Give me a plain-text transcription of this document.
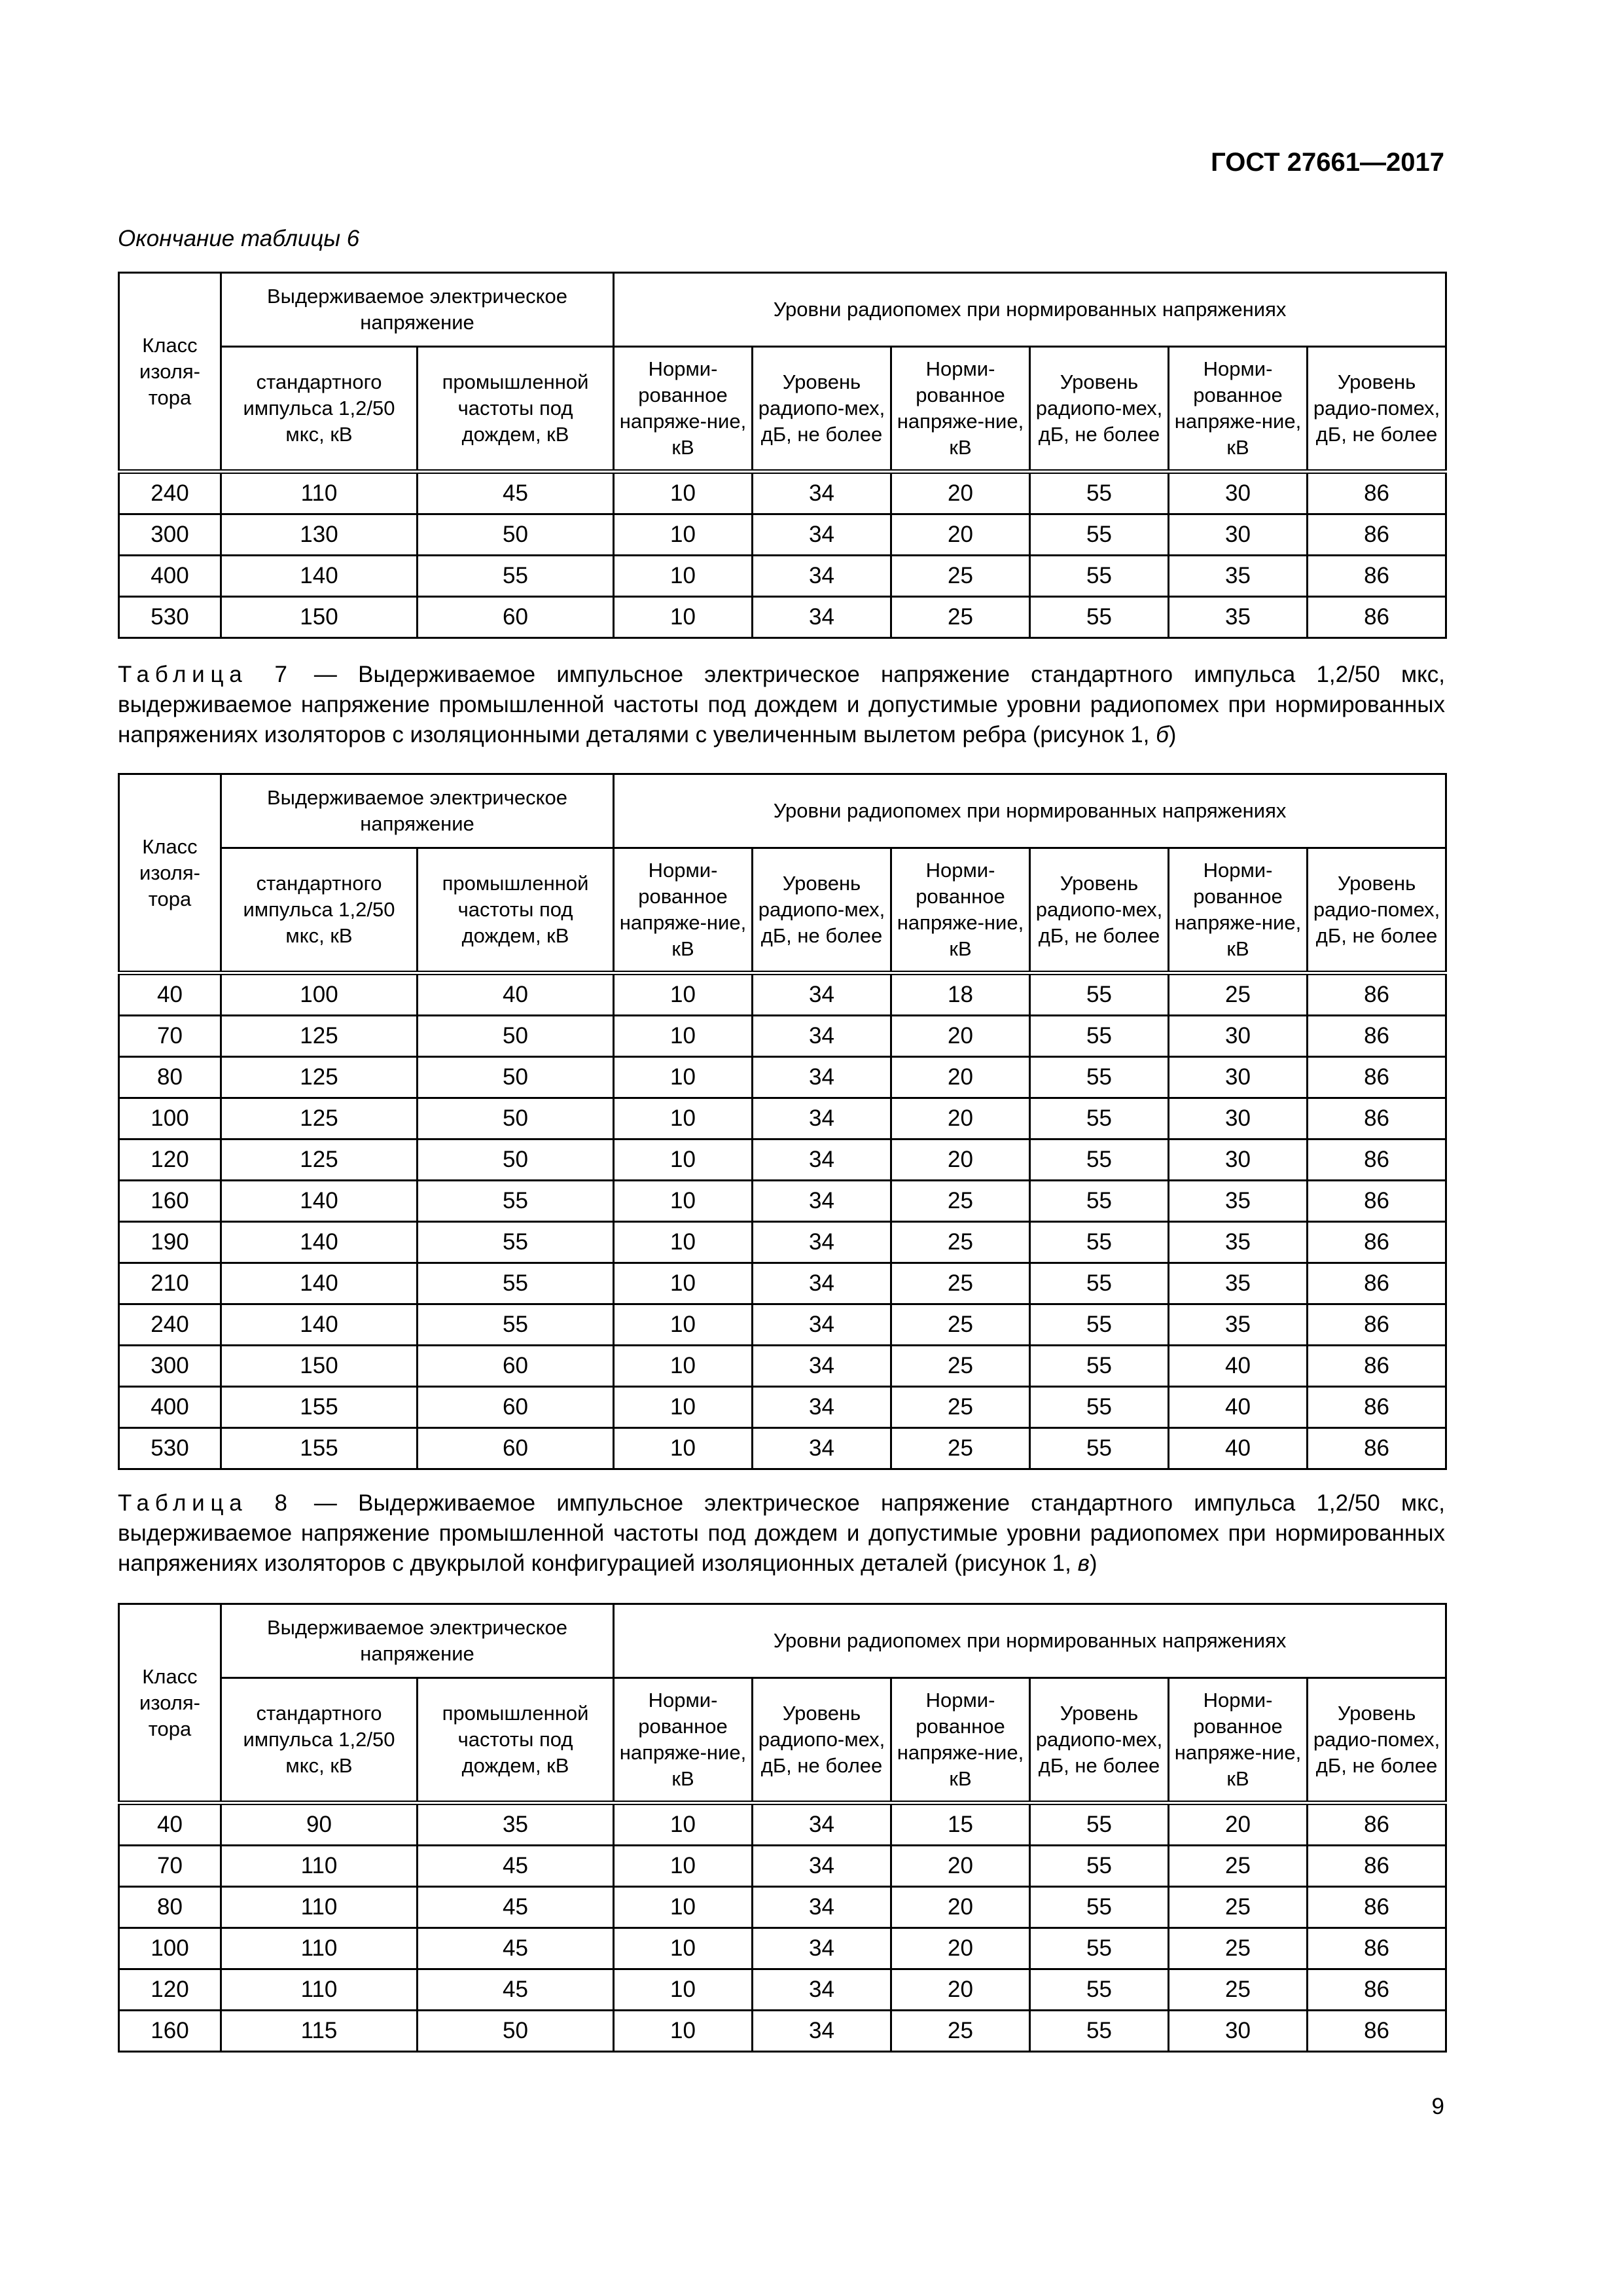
ГОСТ 27661—2017
Окончание таблицы 6
Класс изоля-тора	Выдерживаемое электрическое напряжение		Уровни радиопомех при нормированных напряжениях					
	стандартного импульса 1,2/50 мкс, кВ	промышленной частоты под дождем, кВ	Норми-рованное напряже-ние, кВ	Уровень радиопо-мех, дБ, не более	Норми-рованное напряже-ние, кВ	Уровень радиопо-мех, дБ, не более	Норми-рованное напряже-ние, кВ	Уровень радио-помех, дБ, не более
240	110	45	10	34	20	55	30	86
300	130	50	10	34	20	55	30	86
400	140	55	10	34	25	55	35	86
530	150	60	10	34	25	55	35	86
Таблица 7 — Выдерживаемое импульсное электрическое напряжение стандартного импульса 1,2/50 мкс, выдерживаемое напряжение промышленной частоты под дождем и допустимые уровни радиопомех при нормированных напряжениях изоляторов с изоляционными деталями с увеличенным вылетом ребра (рисунок 1, б)
Класс изоля-тора	Выдерживаемое электрическое напряжение		Уровни радиопомех при нормированных напряжениях					
	стандартного импульса 1,2/50 мкс, кВ	промышленной частоты под дождем, кВ	Норми-рованное напряже-ние, кВ	Уровень радиопо-мех, дБ, не более	Норми-рованное напряже-ние, кВ	Уровень радиопо-мех, дБ, не более	Норми-рованное напряже-ние, кВ	Уровень радио-помех, дБ, не более
40	100	40	10	34	18	55	25	86
70	125	50	10	34	20	55	30	86
80	125	50	10	34	20	55	30	86
100	125	50	10	34	20	55	30	86
120	125	50	10	34	20	55	30	86
160	140	55	10	34	25	55	35	86
190	140	55	10	34	25	55	35	86
210	140	55	10	34	25	55	35	86
240	140	55	10	34	25	55	35	86
300	150	60	10	34	25	55	40	86
400	155	60	10	34	25	55	40	86
530	155	60	10	34	25	55	40	86
Таблица 8 — Выдерживаемое импульсное электрическое напряжение стандартного импульса 1,2/50 мкс, выдерживаемое напряжение промышленной частоты под дождем и допустимые уровни радиопомех при нормированных напряжениях изоляторов с двукрылой конфигурацией изоляционных деталей (рисунок 1, в)
Класс изоля-тора	Выдерживаемое электрическое напряжение		Уровни радиопомех при нормированных напряжениях					
	стандартного импульса 1,2/50 мкс, кВ	промышленной частоты под дождем, кВ	Норми-рованное напряже-ние, кВ	Уровень радиопо-мех, дБ, не более	Норми-рованное напряже-ние, кВ	Уровень радиопо-мех, дБ, не более	Норми-рованное напряже-ние, кВ	Уровень радио-помех, дБ, не более
40	90	35	10	34	15	55	20	86
70	110	45	10	34	20	55	25	86
80	110	45	10	34	20	55	25	86
100	110	45	10	34	20	55	25	86
120	110	45	10	34	20	55	25	86
160	115	50	10	34	25	55	30	86
9
